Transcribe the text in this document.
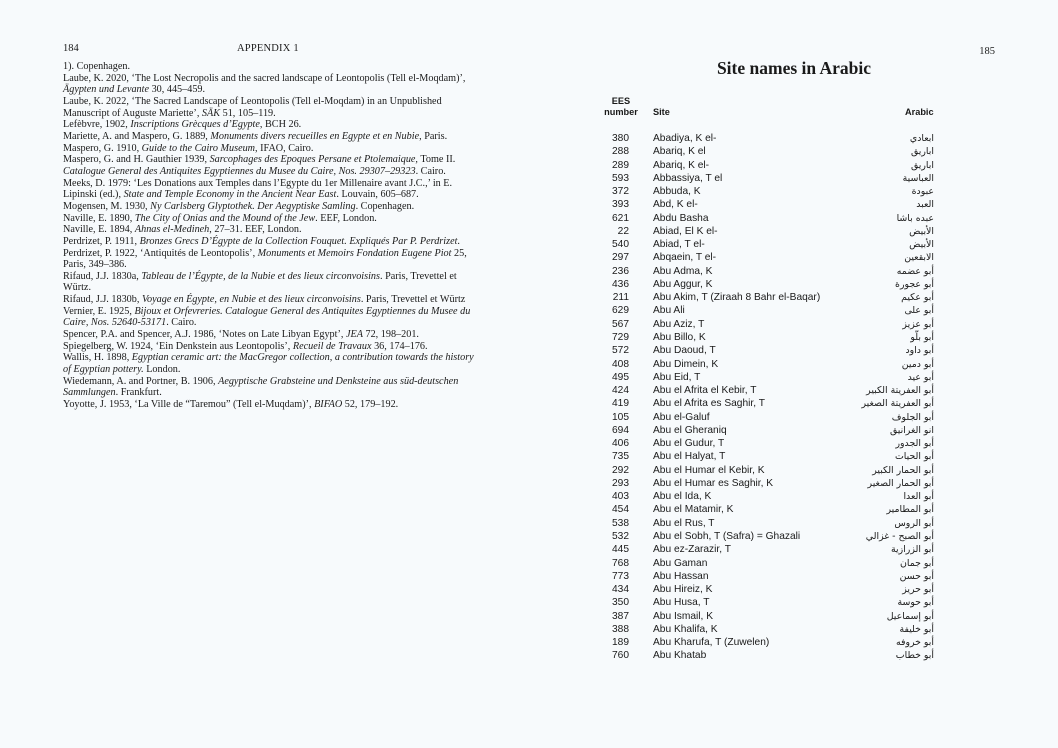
184	APPENDIX 1

1). Copenhagen.

Laube, K. 2020, ‘The Lost Necropolis and the sacred landscape of Leontopolis (Tell el-Moqdam)’, Ägypten und Levante 30, 445–459.

Laube, K. 2022, ‘The Sacred Landscape of Leontopolis (Tell el-Moqdam) in an Unpublished Manuscript of Auguste Mariette’, SÄK 51, 105–119.

Lefèbvre, 1902, Inscriptions Grècques d’Egypte, BCH 26.

Mariette, A. and Maspero, G. 1889, Monuments divers recueilles en Egypte et en Nubie, Paris.

Maspero, G. 1910, Guide to the Cairo Museum, IFAO, Cairo.

Maspero, G. and H. Gauthier 1939, Sarcophages des Epoques Persane et Ptolemaique, Tome II. Catalogue General des Antiquites Egyptiennes du Musee du Caire, Nos. 29307–29323. Cairo.

Meeks, D. 1979: ‘Les Donations aux Temples dans l’Egypte du 1er Millenaire avant J.C.,’ in E. Lipinski (ed.), State and Temple Economy in the Ancient Near East. Louvain, 605–687.

Mogensen, M. 1930, Ny Carlsberg Glyptothek. Der Aegyptiske Samling. Copenhagen.

Naville, E. 1890, The City of Onias and the Mound of the Jew. EEF, London.

Naville, E. 1894, Ahnas el-Medineh, 27–31. EEF, London.

Perdrizet, P. 1911, Bronzes Grecs D’Égypte de la Collection Fouquet. Expliqués Par P. Perdrizet.

Perdrizet, P. 1922, ‘Antiquités de Leontopolis’, Monuments et Memoirs Fondation Eugene Piot 25, Paris, 349–386.

Rifaud, J.J. 1830a, Tableau de l’Égypte, de la Nubie et des lieux circonvoisins. Paris, Trevettel et Würtz.

Rifaud, J.J. 1830b, Voyage en Égypte, en Nubie et des lieux circonvoisins. Paris, Trevettel et Würtz

Vernier, E. 1925, Bijoux et Orfevreries. Catalogue General des Antiquites Egyptiennes du Musee du Caire, Nos. 52640-53171. Cairo.

Spencer, P.A. and Spencer, A.J. 1986, ‘Notes on Late Libyan Egypt’, JEA 72, 198–201.

Spiegelberg, W. 1924, ‘Ein Denkstein aus Leontopolis’, Recueil de Travaux 36, 174–176.

Wallis, H. 1898, Egyptian ceramic art: the MacGregor collection, a contribution towards the history of Egyptian pottery. London.

Wiedemann, A. and Portner, B. 1906, Aegyptische Grabsteine und Denksteine aus süd-deutschen Sammlungen. Frankfurt.

Yoyotte, J. 1953, ‘La Ville de “Taremou” (Tell el-Muqdam)’, BIFAO 52, 179–192.

185
Site names in Arabic
EES
number	Site	Arabic
380 Abadiya, K el-	ابعادي
288 Abariq, K el	اباريق
289 Abariq, K el-	اباريق
593 Abbassiya, T el	العباسية
372 Abbuda, K	عبودة
393 Abd, K el-	العبد
621 Abdu Basha	عبده باشا
22 Abiad, El K el-	الأبيض
540 Abiad, T el-	الأبيض
297 Abqaein, T el-	الابقعين
236 Abu Adma, K	أبو عضمه
436 Abu Aggur, K	أبو عجورة
211 Abu Akim, T (Ziraah 8 Bahr el-Baqar)	أبو عكيم
629 Abu Ali	أبو على
567 Abu Aziz, T	أبو عزيز
729 Abu Billo, K	أبو بلّو
572 Abu Daoud, T	أبو داود
408 Abu Dimein, K	أبو دمين
495 Abu Eid, T	أبو عيد
424 Abu el Afrita el Kebir, T	أبو العفريتة الكبير
419 Abu el Afrita es Saghir, T	أبو العفريتة الصغير
105 Abu el-Galuf	أبو الجلوف
694 Abu el Gheraniq	انو الغرانيق
406 Abu el Gudur, T	أبو الجدور
735 Abu el Halyat, T	أبو الحيات
292 Abu el Humar el Kebir, K	أبو الحمار الكبير
293 Abu el Humar es Saghir, K	أبو الحمار الصغير
403 Abu el Ida, K	أبو العدا
454 Abu el Matamir, K	أبو المطامير
538 Abu el Rus, T	أبو الروس
532 Abu el Sobh, T (Safra) = Ghazali	أبو الصبح - غزالي
445 Abu ez-Zarazir, T	أبو الزرازية
768 Abu Gaman	أبو جمان
773 Abu Hassan	أبو حسن
434 Abu Hireiz, K	أبو حريز
350 Abu Husa, T	أبو حوسة
387 Abu Ismail, K	أبو إسماعيل
388 Abu Khalifa, K	أبو خليفة
189 Abu Kharufa, T (Zuwelen)	أبو خروفه
760 Abu Khatab	أبو خطاب
